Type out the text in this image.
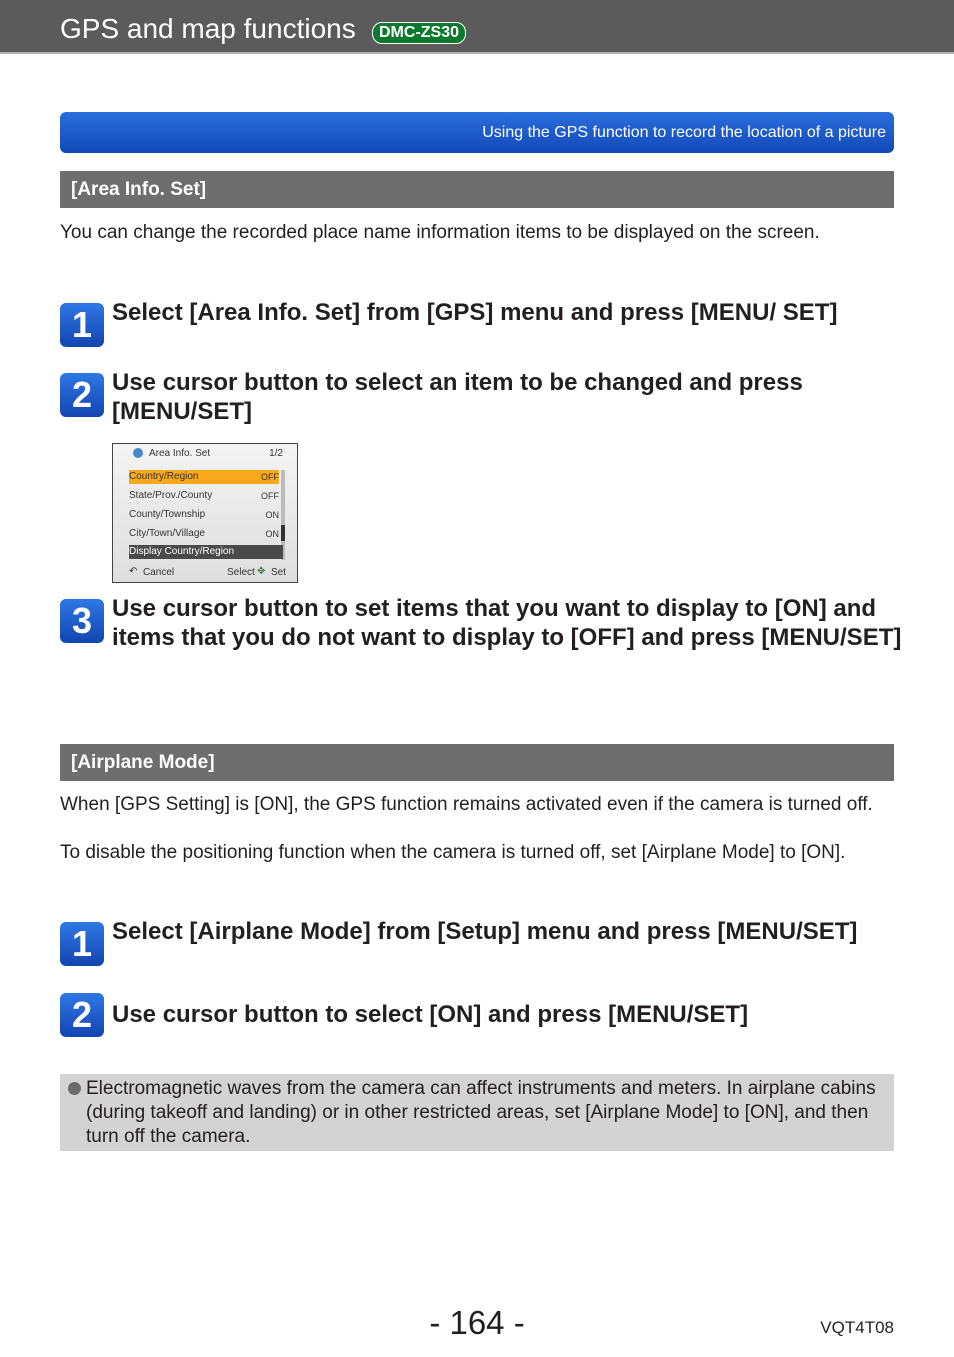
GPS and map functions	DMC-ZS30
Using the GPS function to record the location of a picture
[Area Info. Set]

You can change the recorded place name information items to be displayed on the screen.

1 Select [Area Info. Set] from [GPS] menu and press [MENU/ SET]

2 Use cursor button to select an item to be changed and press [MENU/SET]

Area Info. Set	1/2
Country/Region	OFF
State/Prov./County	OFF
County/Township	ON
City/Town/Village	ON
Display Country/Region
↶ Cancel	Select ✥ Set
3 Use cursor button to set items that you want to display to [ON] and items that you do not want to display to [OFF] and press [MENU/SET]

[Airplane Mode]

When [GPS Setting] is [ON], the GPS function remains activated even if the camera is turned off.

To disable the positioning function when the camera is turned off, set [Airplane Mode] to [ON].

1 Select [Airplane Mode] from [Setup] menu and press [MENU/SET]

2 Use cursor button to select [ON] and press [MENU/SET]

Electromagnetic waves from the camera can affect instruments and meters. In airplane cabins (during takeoff and landing) or in other restricted areas, set [Airplane Mode] to [ON], and then turn off the camera.
- 164 -	VQT4T08
